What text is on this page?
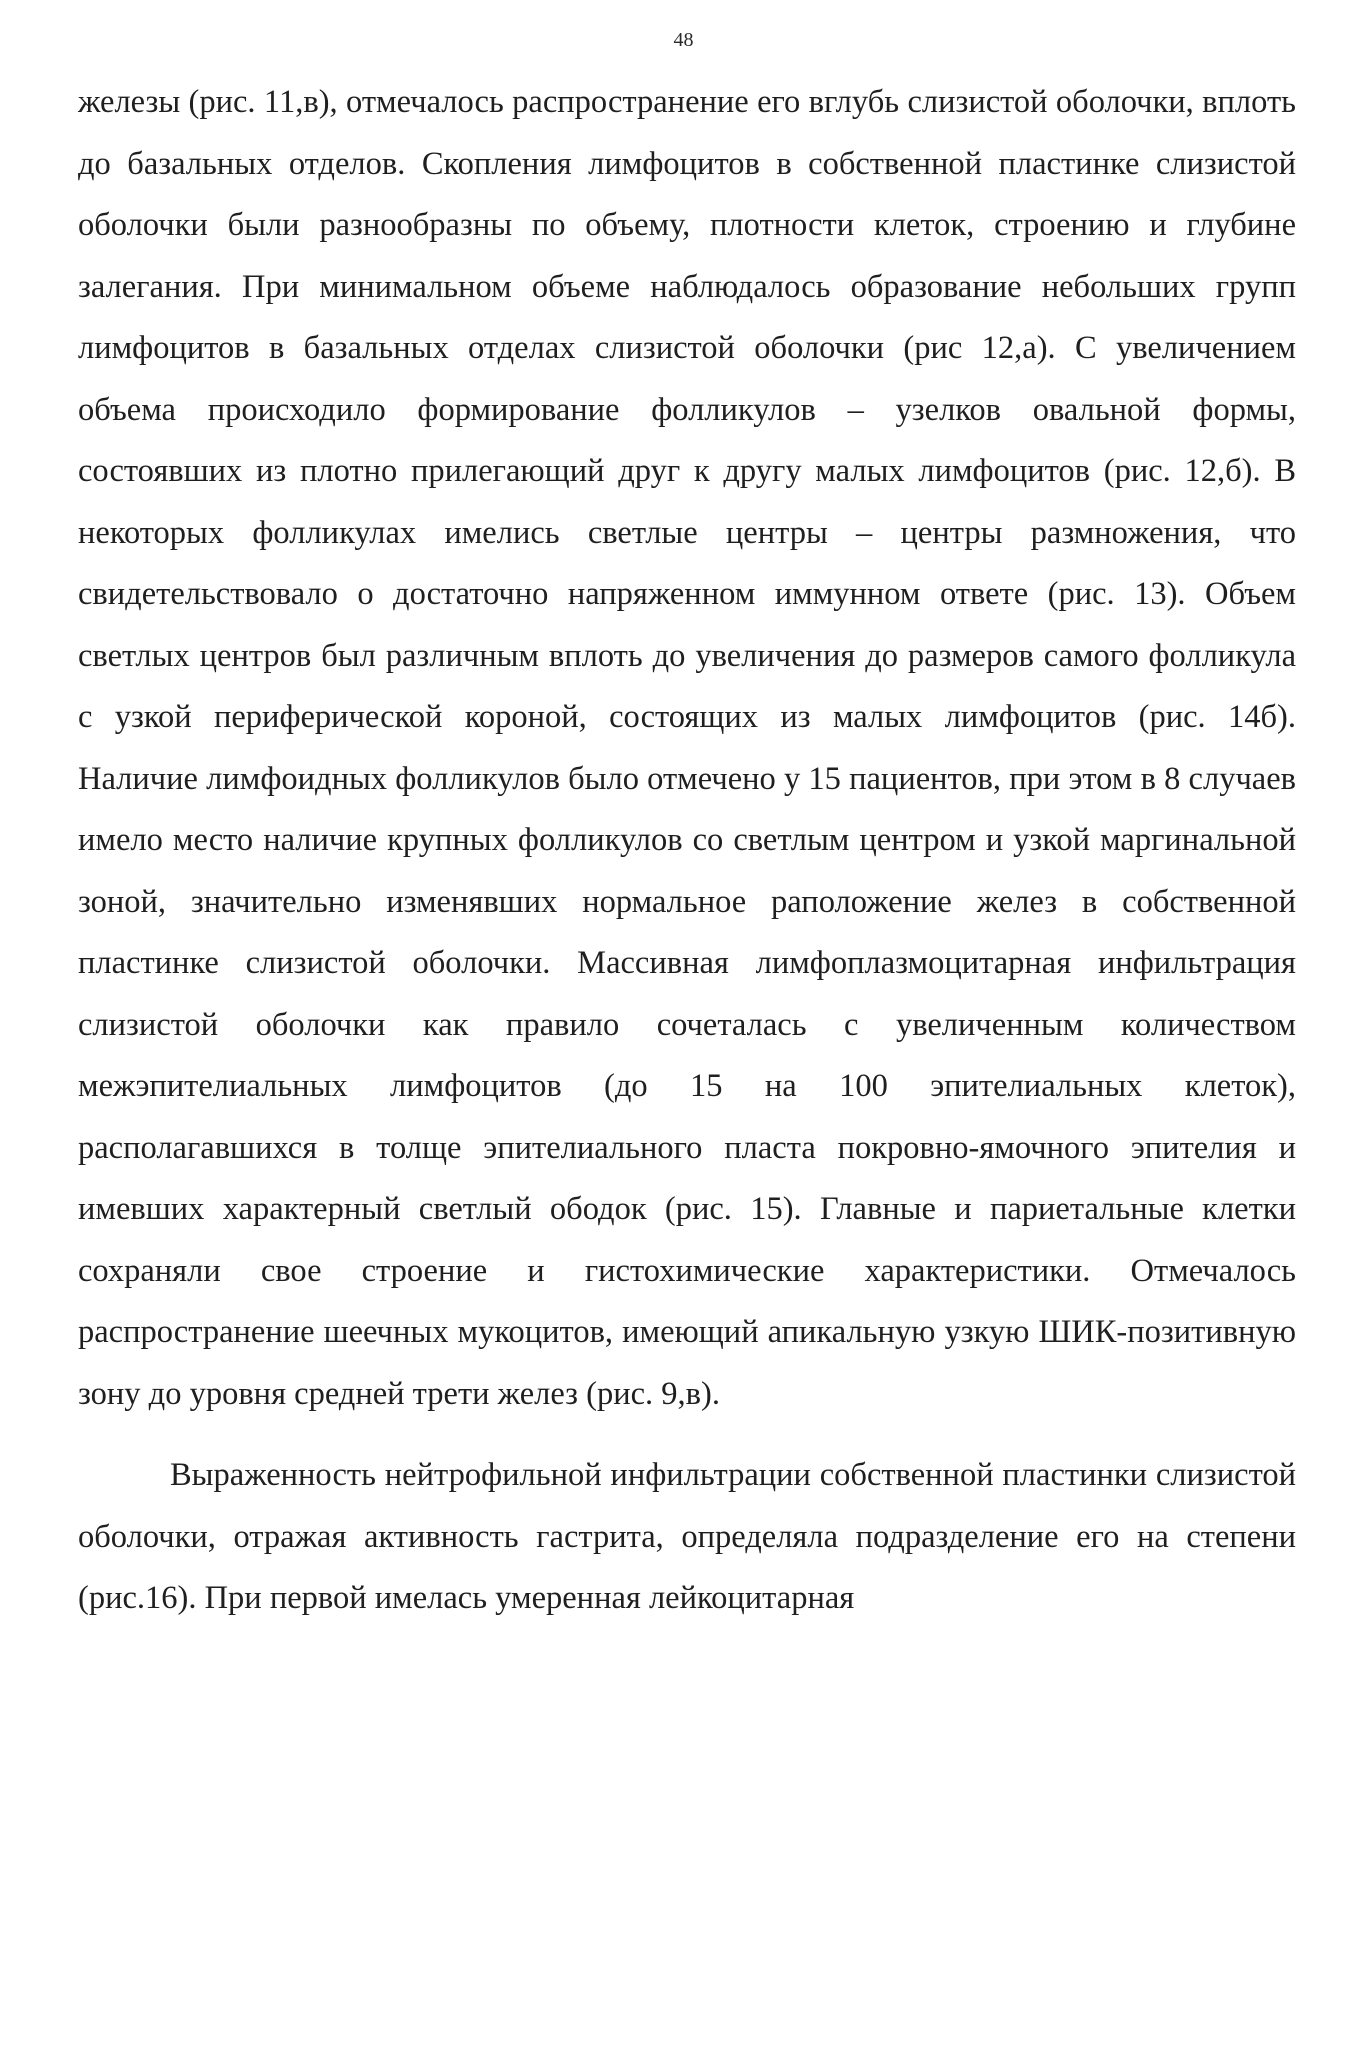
48

железы (рис. 11,в), отмечалось распространение его вглубь слизистой оболочки, вплоть до базальных отделов. Скопления лимфоцитов в собственной пластинке слизистой оболочки были разнообразны по объему, плотности клеток, строению и глубине залегания. При минимальном объеме наблюдалось образование небольших групп лимфоцитов в базальных отделах слизистой оболочки (рис 12,а). С увеличением объема происходило формирование фолликулов – узелков овальной формы, состоявших из плотно прилегающий друг к другу малых лимфоцитов (рис. 12,б). В некоторых фолликулах имелись светлые центры – центры размножения, что свидетельствовало о достаточно напряженном иммунном ответе (рис. 13). Объем светлых центров был различным вплоть до увеличения до размеров самого фолликула с узкой периферической короной, состоящих из малых лимфоцитов (рис. 14б). Наличие лимфоидных фолликулов было отмечено у 15 пациентов, при этом в 8 случаев имело место наличие крупных фолликулов со светлым центром и узкой маргинальной зоной, значительно изменявших нормальное раположение желез в собственной пластинке слизистой оболочки. Массивная лимфоплазмоцитарная инфильтрация слизистой оболочки как правило сочеталась с увеличенным количеством межэпителиальных лимфоцитов (до 15 на 100 эпителиальных клеток), располагавшихся в толще эпителиального пласта покровно-ямочного эпителия и имевших характерный светлый ободок (рис. 15). Главные и париетальные клетки сохраняли свое строение и гистохимические характеристики. Отмечалось распространение шеечных мукоцитов, имеющий апикальную узкую ШИК-позитивную зону до уровня средней трети желез (рис. 9,в).

Выраженность нейтрофильной инфильтрации собственной пластинки слизистой оболочки, отражая активность гастрита, определяла подразделение его на степени (рис.16). При первой имелась умеренная лейкоцитарная
